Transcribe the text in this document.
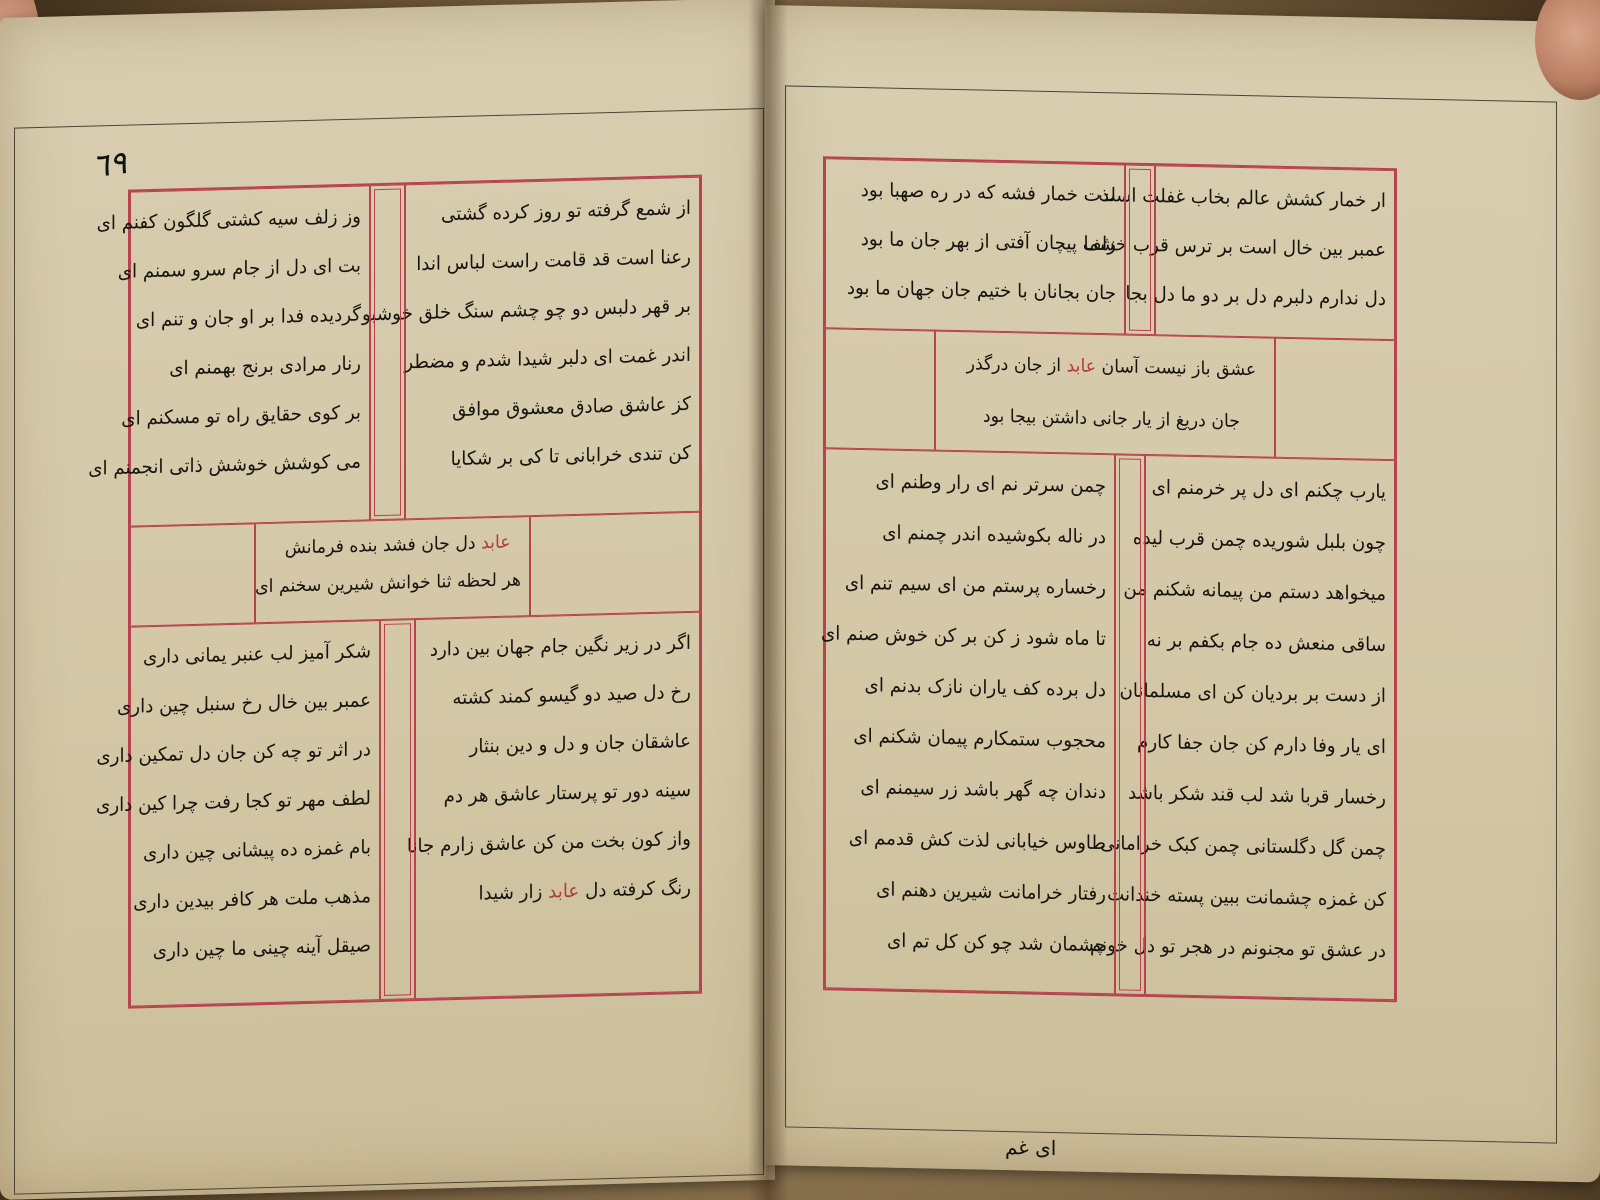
٦٩
از شمع گرفته تو روز کرده گشتی
رعنا است قد قامت راست لباس اندا
بر قهر دلبس دو چو چشم سنگ خلق خوشبو
اندر غمت ای دلبر شیدا شدم و مضطر
کز عاشق صادق معشوق موافق
کن تندی خرابانی تا کی بر شکایا
وز زلف سیه کشتی گلگون کفنم ای
بت ای دل از جام سرو سمنم ای
گردیده فدا بر او جان و تنم ای
رنار مرادی برنج بهمنم ای
بر کوی حقایق راه تو مسکنم ای
می کوشش خوشش ذاتی انجمنم ای
عابد دل جان فشد بنده فرمانش
هر لحظه ثنا خوانش شیرین سخنم ای
اگر در زیر نگین جام جهان بین دارد
رخ دل صید دو گیسو کمند کشته
عاشقان جان و دل و دین بنثار
سینه دور تو پرستار عاشق هر دم
واز کون بخت من کن عاشق زارم جانا
رنگ کرفته دل عابد زار شیدا
شکر آمیز لب عنبر یمانی داری
عمبر بین خال رخ سنبل چین داری
در اثر تو چه کن جان دل تمکین داری
لطف مهر تو کجا رفت چرا کین داری
بام غمزه ده پیشانی چین داری
مذهب ملت هر کافر بیدین داری
صیقل آینه چینی ما چین داری
ار خمار کشش عالم بخاب غفلت است
عمبر بین خال است بر ترس قرب خشما
دل ندارم دلبرم دل بر دو ما دل بجا
لذت خمار فشه که در ره صهبا بود
زلف پیچان آفتی از بهر جان ما بود
جان بجانان با ختیم جان جهان ما بود
عشق باز نیست آسان عابد از جان درگذر
جان دریغ از یار جانی داشتن بیجا بود
یارب چکنم ای دل پر خرمنم ای
چون بلبل شوریده چمن قرب لیده
میخواهد دستم من پیمانه شکنم من
ساقی منعش ده جام بکفم بر نه
از دست بر بردیان کن ای مسلمانان
ای یار وفا دارم کن جان جفا کارم
رخسار قربا شد لب قند شکر باشد
چمن گل دگلستانی چمن کبک خرامانی
کن غمزه چشمانت ببین پسته خندانت
در عشق تو مجنونم در هجر تو دل خونم
چمن سرتر نم ای رار وطنم ای
در ناله بکوشیده اندر چمنم ای
رخساره پرستم من ای سیم تنم ای
تا ماه شود ز کن بر کن خوش صنم ای
دل برده کف یاران نازک بدنم ای
محجوب ستمکارم پیمان شکنم ای
دندان چه گهر باشد زر سیمنم ای
طاوس خیابانی لذت کش قدمم ای
رفتار خرامانت شیرین دهنم ای
چشمان شد چو کن کل تم ای
ای غم
